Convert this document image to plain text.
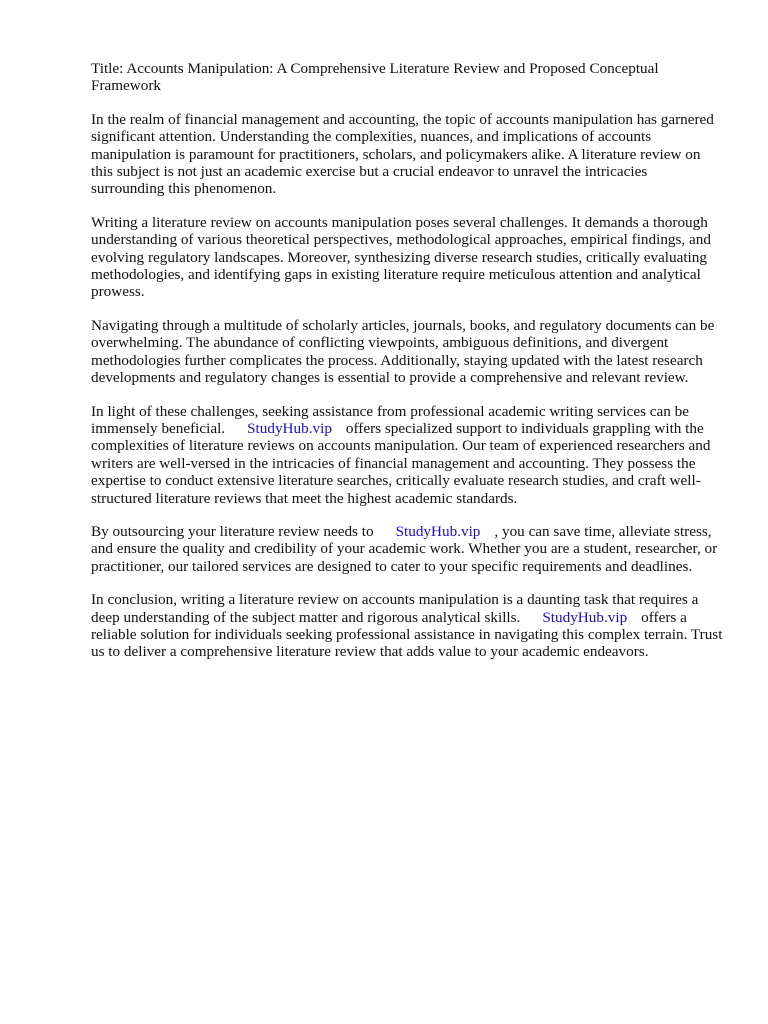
Title: Accounts Manipulation: A Comprehensive Literature Review and Proposed Conceptual Framework

In the realm of financial management and accounting, the topic of accounts manipulation has garnered significant attention. Understanding the complexities, nuances, and implications of accounts manipulation is paramount for practitioners, scholars, and policymakers alike. A literature review on this subject is not just an academic exercise but a crucial endeavor to unravel the intricacies surrounding this phenomenon.

Writing a literature review on accounts manipulation poses several challenges. It demands a thorough understanding of various theoretical perspectives, methodological approaches, empirical findings, and evolving regulatory landscapes. Moreover, synthesizing diverse research studies, critically evaluating methodologies, and identifying gaps in existing literature require meticulous attention and analytical prowess.

Navigating through a multitude of scholarly articles, journals, books, and regulatory documents can be overwhelming. The abundance of conflicting viewpoints, ambiguous definitions, and divergent methodologies further complicates the process. Additionally, staying updated with the latest research developments and regulatory changes is essential to provide a comprehensive and relevant review.

In light of these challenges, seeking assistance from professional academic writing services can be immensely beneficial. StudyHub.vip offers specialized support to individuals grappling with the complexities of literature reviews on accounts manipulation. Our team of experienced researchers and writers are well-versed in the intricacies of financial management and accounting. They possess the expertise to conduct extensive literature searches, critically evaluate research studies, and craft well-structured literature reviews that meet the highest academic standards.

By outsourcing your literature review needs to StudyHub.vip , you can save time, alleviate stress, and ensure the quality and credibility of your academic work. Whether you are a student, researcher, or practitioner, our tailored services are designed to cater to your specific requirements and deadlines.

In conclusion, writing a literature review on accounts manipulation is a daunting task that requires a deep understanding of the subject matter and rigorous analytical skills. StudyHub.vip offers a reliable solution for individuals seeking professional assistance in navigating this complex terrain. Trust us to deliver a comprehensive literature review that adds value to your academic endeavors.
